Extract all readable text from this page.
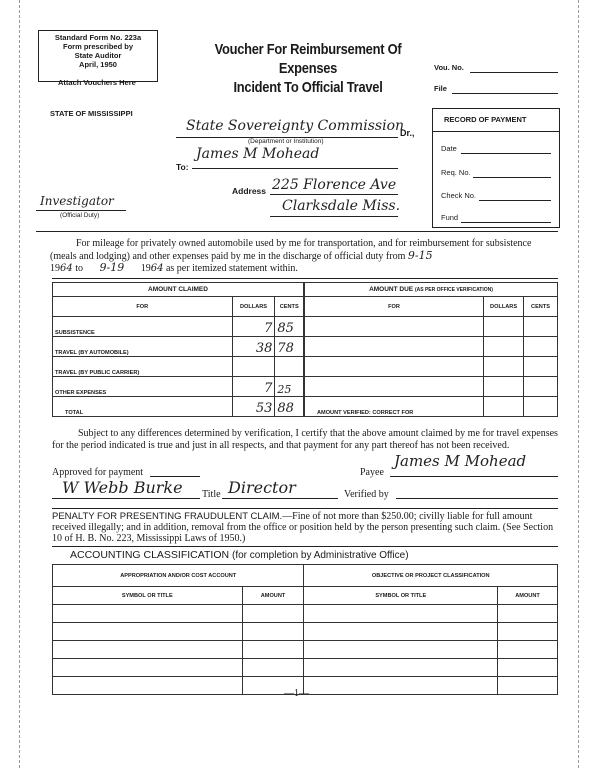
Standard Form No. 223a
Form prescribed by
State Auditor
April, 1950
Attach Vouchers Here
Voucher For Reimbursement Of Expenses
Incident To Official Travel
Vou. No.
File
STATE OF MISSISSIPPI
State Sovereignty Commission
Dr.,
(Department or Institution)
To:
James M Mohead
Address 225 Florence Ave
Clarksdale Miss.
Investigator
(Official Duty)
RECORD OF PAYMENT
Date
Req. No.
Check No.
Fund
For mileage for privately owned automobile used by me for transportation, and for reimbursement for subsistence (meals and lodging) and other expenses paid by me in the discharge of official duty from 9-15
1964 to 9-19 1964 as per itemized statement within.
AMOUNT CLAIMED		
FOR	DOLLARS	CENTS
SUBSISTENCE	7	85
TRAVEL (BY AUTOMOBILE)	38	78
TRAVEL (BY PUBLIC CARRIER)		
OTHER EXPENSES	7	25
TOTAL	53	88
AMOUNT DUE (AS PER OFFICE VERIFICATION)		
FOR	DOLLARS	CENTS

AMOUNT VERIFIED: CORRECT FOR		
Subject to any differences determined by verification, I certify that the above amount claimed by me for travel expenses for the period indicated is true and just in all respects, and that payment for any part thereof has not been received.
Approved for payment
W Webb Burke Title Director
Payee
James M Mohead
Verified by
PENALTY FOR PRESENTING FRAUDULENT CLAIM.—Fine of not more than $250.00; civilly liable for full amount received illegally; and in addition, removal from the office or position held by the person presenting such claim. (See Section 10 of H. B. No. 223, Mississippi Laws of 1950.)
ACCOUNTING CLASSIFICATION (for completion by Administrative Office)
APPROPRIATION AND/OR COST ACCOUNT		OBJECTIVE OR PROJECT CLASSIFICATION	
SYMBOL OR TITLE	AMOUNT	SYMBOL OR TITLE	AMOUNT

—1—
